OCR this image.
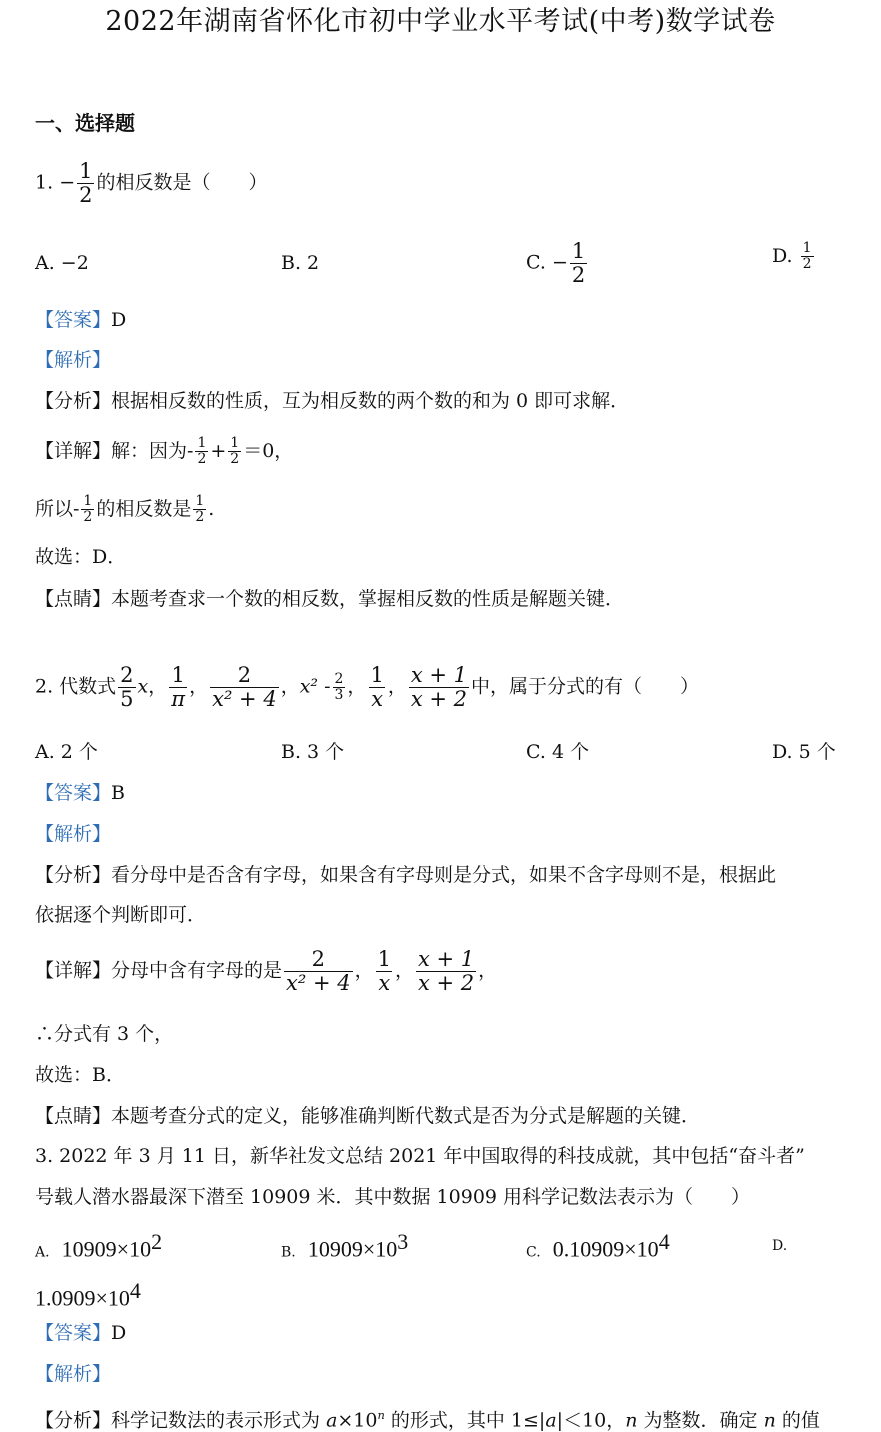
2022年湖南省怀化市初中学业水平考试(中考)数学试卷
一、选择题
1. − $\frac{1}{2}$ 的相反数是（　　）
A. −2	B. 2	C. − $\frac{1}{2}$	D. $\frac{1}{2}$
【答案】D
【解析】
【分析】根据相反数的性质，互为相反数的两个数的和为 0 即可求解．
【详解】解：因为- $\frac{1}{2} + \frac{1}{2} =0$，
所以- $\frac{1}{2}$ 的相反数是 $\frac{1}{2}$ .
故选：D．
【点睛】本题考查求一个数的相反数，掌握相反数的性质是解题关键．
2. 代数式 $\frac{2}{5}$ x， $\frac{1}{\pi}$ ， $\frac{2}{\text{x² + 4}}$ ，$x^2 - \frac{2}{3}$ ， $\frac{1}{x}$ ， $\frac{x + 1}{x + 2}$ 中，属于分式的有（　　）
A. 2 个	B. 3 个	C. 4 个	D. 5 个
【答案】B
【解析】
【分析】看分母中是否含有字母，如果含有字母则是分式，如果不含字母则不是，根据此
依据逐个判断即可．
【详解】分母中含有字母的是 $\frac{2}{\text{x² + 4}}$ ， $\frac{1}{x}$ ， $\frac{x + 1}{x + 2}$ ，
∴分式有 3 个，
故选：B．
【点睛】本题考查分式的定义，能够准确判断代数式是否为分式是解题的关键．
3. 2022 年 3 月 11 日，新华社发文总结 2021 年中国取得的科技成就，其中包括“奋斗者”
号载人潜水器最深下潜至 10909 米．其中数据 10909 用科学记数法表示为（　　）
A. $10909\times 10^2$	B. $10909\times 10^3$	C. $0.10909\times 10^4$	D.
$1.0909\times 10^4$
【答案】D
【解析】
【分析】科学记数法的表示形式为 $a\times 10^n$ 的形式，其中 1≤|a|＜10，n 为整数．确定 n 的值
